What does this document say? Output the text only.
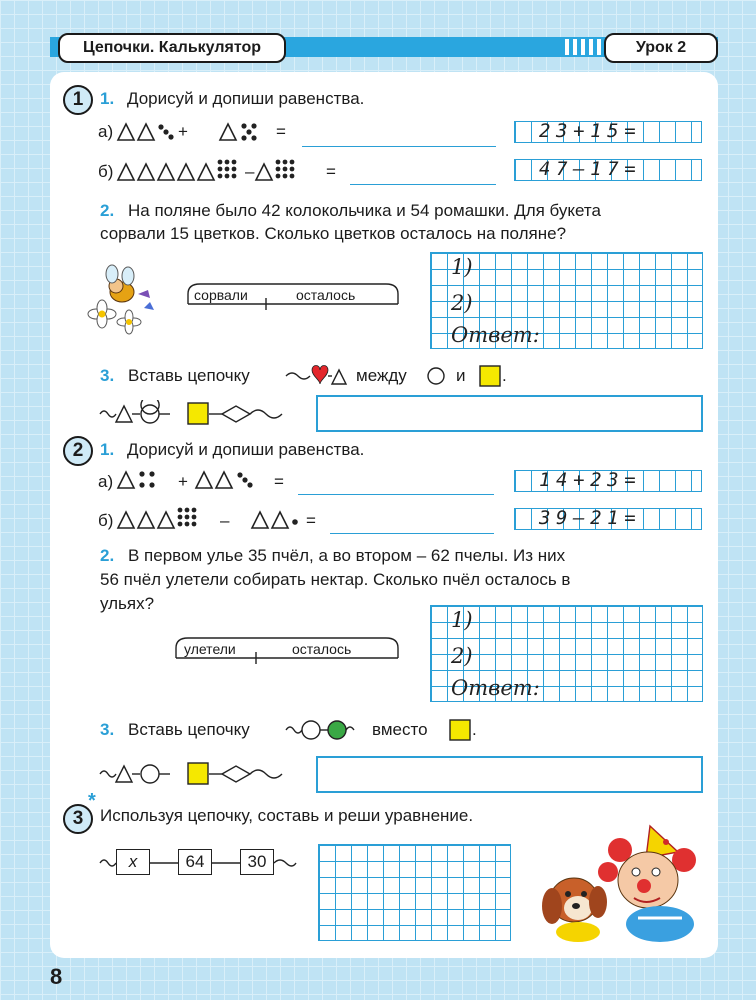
Цепочки. Калькулятор	Урок 2
1 1. Дорисуй и допиши равенства.
а)	+	=	23+15=
б)	–	=	47–17=
2. На поляне было 42 колокольчика и 54 ромашки. Для букета
сорвали 15 цветков. Сколько цветков осталось на поляне?
сорвали	осталось
1)
2)
Ответ:
3. Вставь цепочку	между	и .
2 1. Дорисуй и допиши равенства.
а)	+	=	14+23=
б)	–	=	39–21=
2. В первом улье 35 пчёл, а во втором – 62 пчелы. Из них
56 пчёл улетели собирать нектар. Сколько пчёл осталось в
ульях?
улетели	осталось
1)
2)
Ответ:
3. Вставь цепочку	вместо	.
3
*
Используя цепочку, составь и реши уравнение.
x	64	30
8
